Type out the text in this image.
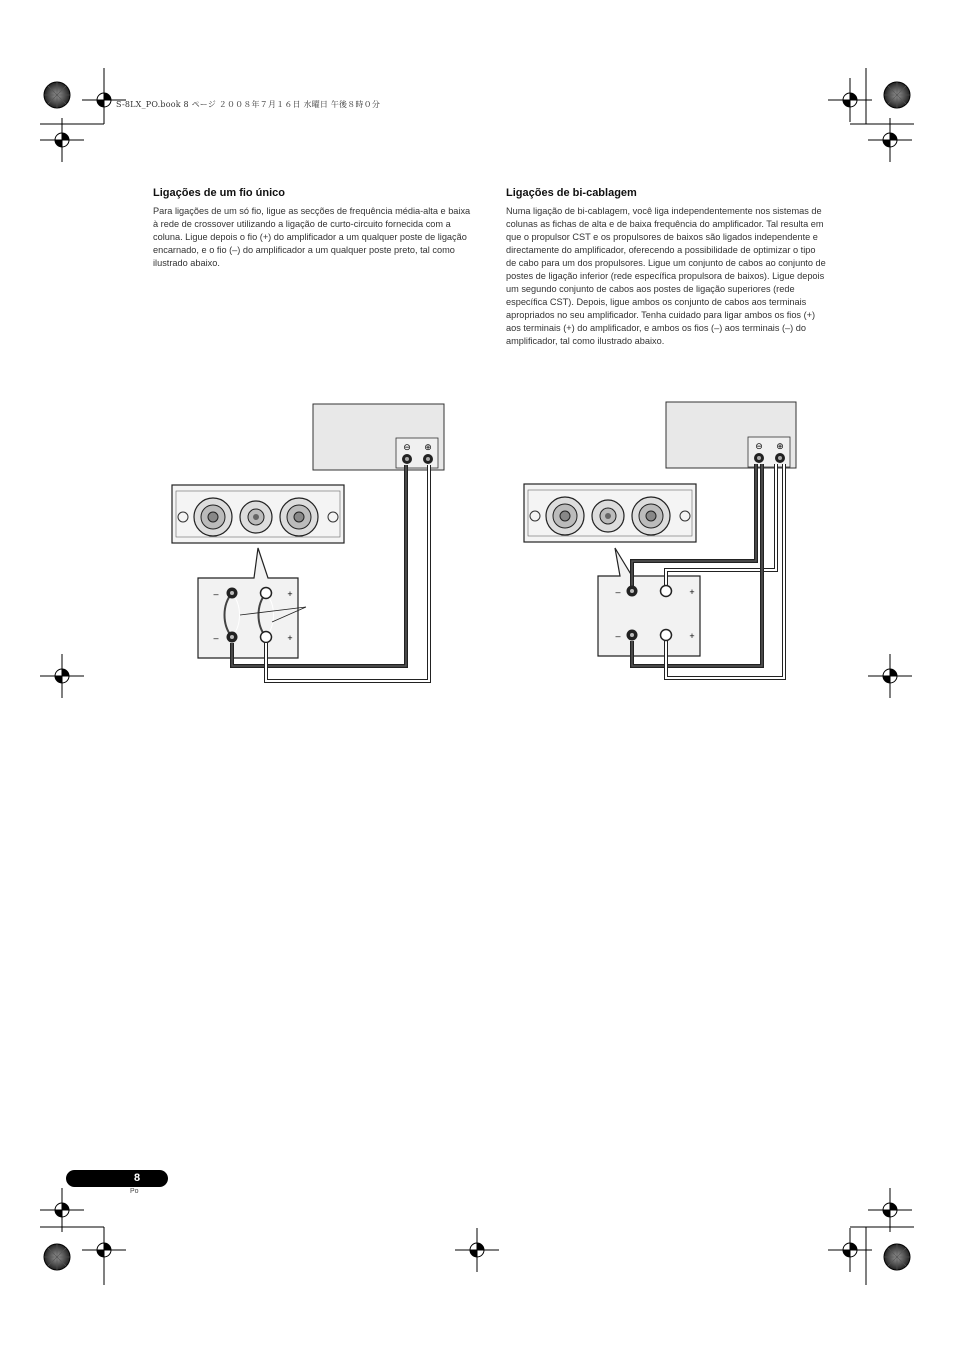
⊖ ⊕
–	+
–	+
⊖ ⊕
–	+
–	+
S-8LX_PO.book 8 ページ ２００８年７月１６日 水曜日 午後８時０分
Ligações de um fio único
Para ligações de um só fio, ligue as secções de frequência média-alta e baixa à rede de crossover utilizando a ligação de curto-circuito fornecida com a coluna. Ligue depois o fio (+) do amplificador a um qualquer poste de ligação encarnado, e o fio (–) do amplificador a um qualquer poste preto, tal como ilustrado abaixo.
Ligações de bi-cablagem
Numa ligação de bi-cablagem, você liga independentemente nos sistemas de colunas as fichas de alta e de baixa frequência do amplificador. Tal resulta em que o propulsor CST e os propulsores de baixos são ligados independente e directamente do amplificador, oferecendo a possibilidade de optimizar o tipo de cabo para um dos propulsores. Ligue um conjunto de cabos ao conjunto de postes de ligação inferior (rede específica propulsora de baixos). Ligue depois um segundo conjunto de cabos aos postes de ligação superiores (rede específica CST). Depois, ligue ambos os conjunto de cabos aos terminais apropriados no seu amplificador. Tenha cuidado para ligar ambos os fios (+) aos terminais (+) do amplificador, e ambos os fios (–) aos terminais (–) do amplificador, tal como ilustrado abaixo.
8
Po
